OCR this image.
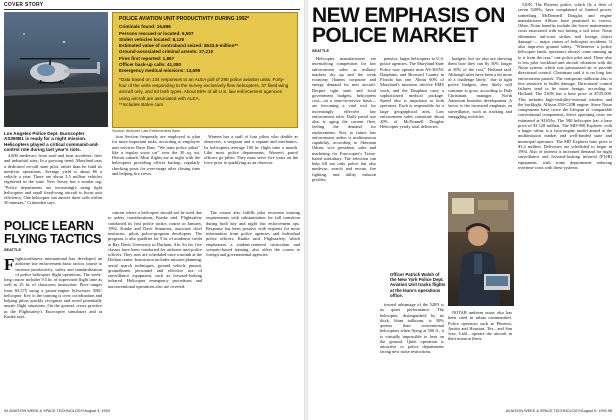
COVER STORY
Los Angeles Police Dept. Eurocopter AS350B1 is ready for a night mission. Helicopters played a critical command-and-control role during last year's riots.
POLICE AVIATION UNIT PRODUCTIVITY DURING 1992*
Criminals found: 16,896
Persons rescued or located: 6,507
Stolen vehicles located: 8,129
Estimated value of contraband seized: $533.6-million**
Ground-associated criminal arrests: 27,210
Fires first reported: 1,867
Officer back-up calls: 41,080
Emergency medical missions: 13,699
*Data based on 134 responses to an ALEA poll of 290 police aviation units. Forty-four of the units responding to the survey exclusively flew helicopters, 37 fixed-wing aircraft only, and 53 both types. About 85% of all U.S. law enforcement agencies using aircraft are associated with ALEA.
**Includes stolen cars
Source: Airborne Law Enforcement Assn.

4,800 medevacs from road and boat accidents, fires and industrial sites. In a growing trend, Maryland uses a dedicated on-call state pilot, rather than be fund its medevac operations. Average yield is about $6 a vehicle a year. There are about 3.5 million vehicles registered in the state. New Jersey has a similar tag. "Police departments are increasingly using light helicopters and small fixed-wing aircraft to boost unit efficiency. One helicopter can answer three calls within 30 minutes," Crittenden says.

tion Section frequently are employed to plan for more important tasks, according to employee unit services Dave Burt. "We train police pilots" like a regular scout car" over the 30 sq. mi. Detroit suburb. Most flights are at night with the helicopters providing officer backup, regularly checking posts for over-usage after closing time and helping fire crews.

Women has a staff of four pilots who double as observers, a sergeant and a captain and mechanics. Its helicopters average 100 hr. flight time a month. Like most police departments, Warren's patrol officers go pilots. They must serve five years on the force prior to qualifying as an observer.

POLICE LEARN FLYING TACTICS
SEATTLE
Flightworthiness international has developed an airborne law enforcement basic tactics course to increase productivity, safety and standardization of police helicopter flight operations. The week-long course includes 9.5 hr. of supervised flight time as well as 25 hr. of classroom instruction. Price ranges from $3,575 using a piston-engine Schweizer 300C helicopter. Key to the training is crew coordination and helping pilots quickly recognize and avoid potentially unsafe flight situations. On the ground, crews practice in the Flightsafety's Eurocopter simulators and at Kunke says.

cations where a helicopter should not be used due to safety considerations, Kunke said. Flightsafety conducted its first police tactics course in January, 1992. Kunke and Dave Simmons, associate chief instructor, pilots police-program developers. The program, it also qualifies for 5 hr. of academic credit at Ray Davis University in Durham, Ala. So far, five classes have been conducted for airborne unit-police officers. They now are scheduled once a month at the Dothan center. Instruction includes mission planning, aerial search techniques, ground vehicle pursuit, groundborne personnel and effective use of surveillance equipment, such as forward-looking infrared. Helicopter emergency procedures and unconventional operations also are covered.

The course also fulfills pilot recurrent training requirements with substantiation for full transition during both day and night law enforcement ops. Response has been positive with requests for more information from police agencies and individual police officers, Kunke said. Flightsafety, which emphasizes a student-centered curriculum and scenario-based training, also offers the course to foreign and governmental agencies.

94 AVIATION WEEK & SPACE TECHNOLOGY/August 9, 1993
NEW EMPHASIS ON POLICE MARKET
SEATTLE

Helicopter manufacturers are intensifying competition for law enforcement sales as military markets dry up and the weak economy flattens corporate and energy demand for new aircraft. Despite tight state and local government budgets, helicopters cost—on a time-in-service basis—are becoming a vital tool for increasingly effective law enforcement roles. Daily patrol use also is aging the current fleet, feeling the demand for replacements. Key to future law enforcement orders is multimission capability, according to Sherman Odom, vice president, sales and marketing for Eurocopter's Texas-based subsidiary. The selection can help fill not only police but also medevac, search and rescue, fire fighting, and utility mission profiles.

pensive, larger helicopters to U.S. police agencies. The Maryland State Police now operate nine AS-365N1 Dauphins, and Broward County in Florida has one. About 60% of Maryland's missions involve EMS work, and the Dauphins carry a sophisticated medical package. Speed also is important to both operators. Each is responsible for a large geographical area. Law enforcement sales constitute about 20% of McDonnell Douglas Helicopter yearly total deliveries.

budgets, but we also are showing them how they can fly 50% longer at 50% of the cost," Holland said. Although sales have been a bit more of a challenge lately," due to tight police budgets, they likely will continue to grow, according to Dale Christman, manager, North American business development. A factor is the increased emphasis on surveillance, such as tracking and smuggling activities.

Officer Patrick Walsh of the New York Police Dept. Aviation Unit tracks flights at the team's operations office.

toward advantage of the 520N is its quiet performance. The helicopter, distinguished by its thick, blunt tailboom, is 50% quieter than conventional helicopters when flying at 500 ft., it is virtually impossible to hear on the ground. Quiet operation is attractive to police departments facing new noise restrictions.

NOTAR ambient noise also has been cited in urban communities. Police operators such as Phoenix, Austin and Houston, Tex., and San Jose, Calif., operate the aircraft in their mission fleets.

520N. The Phoenix police, which fly a fleet of seven 520Ns, have complained of limited power, something McDonnell Douglas and engine manufacturer Allison have promised to correct. Other, Notar benefits include the lower maintenance costs associated with not having a tail rotor. Notar eliminates tail-rotor strikes and foreign object damage — major causes of helicopter accidents. It also improves ground safety. "Whenever a police helicopter lands, spectators always come running up to it from the rear," one police pilot said. There also is less pilot workload and aircraft vibration with the Notar system, which was pressurized air to provide directional control. Christman said it is on long law enforcement patrols. The composite tailboom also is less sensitive to bullet damage. Directional control failures tend to be more benign, according to Holland. The 520N has a base price of $725,000. This includes high-visibility-external window and the backlight. Allison 250-C20R engine. Since Notar components have twice the lifespan of comparable conventional components, direct operating costs are estimated at $165/hr. The 500 helicopter has a base price of $1.128 million. The MD-900 Explorer, with a larger cabin, is a twin-engine model aimed at the multimission market and well-funded state and municipal operators. The MD Explorer base price is $3.4 million. Deliveries are scheduled to begin in 1994. Also of interest is increased demand for night surveillance and forward-looking infrared (FLIR) equipment, with some departments reducing overtime costs with these systems.

AVIATION WEEK & SPACE TECHNOLOGY/August 9, 1993 95
